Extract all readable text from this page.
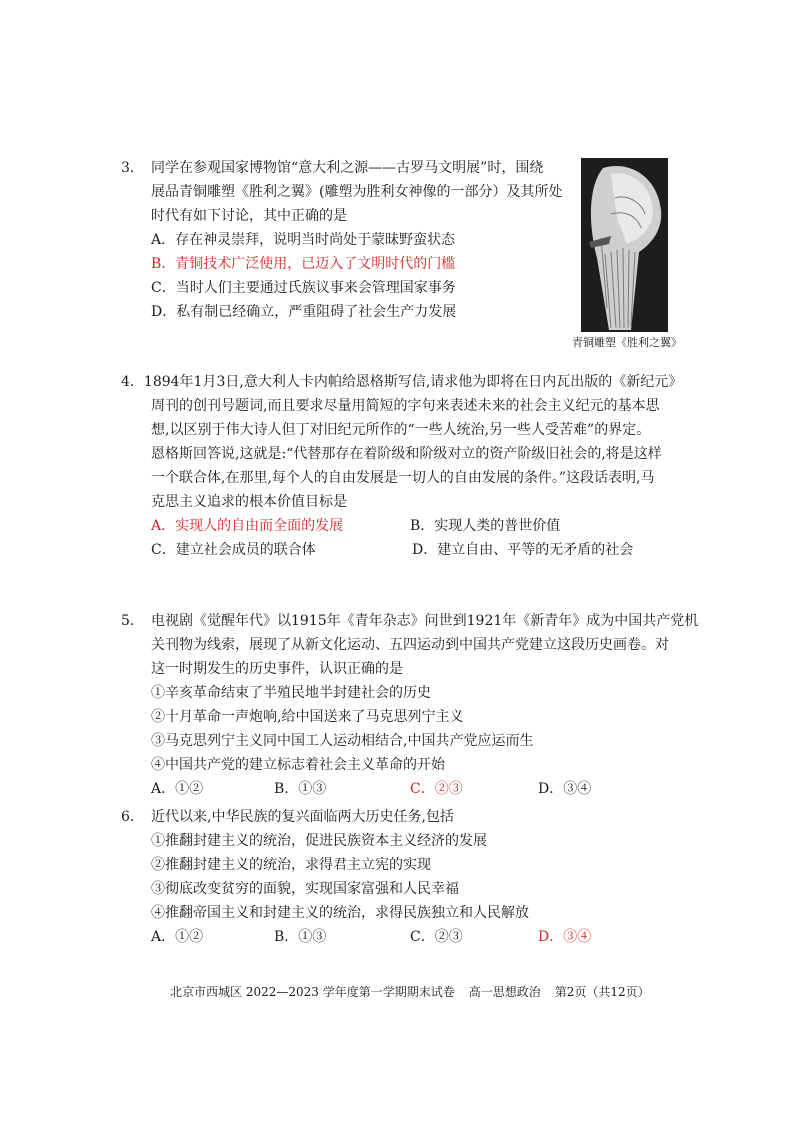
3． 同学在参观国家博物馆“意大利之源——古罗马文明展”时，围绕
展品青铜雕塑《胜利之翼》(雕塑为胜利女神像的一部分）及其所处
时代有如下讨论，其中正确的是
A．存在神灵崇拜，说明当时尚处于蒙昧野蛮状态
B．青铜技术广泛使用，已迈入了文明时代的门槛
C．当时人们主要通过氏族议事来会管理国家事务
D．私有制已经确立，严重阻碍了社会生产力发展
青铜雕塑《胜利之翼》
4．1894年1月3日,意大利人卡内帕给恩格斯写信,请求他为即将在日内瓦出版的《新纪元》
周刊的创刊号题词,而且要求尽量用简短的字句来表述未来的社会主义纪元的基本思
想,以区别于伟大诗人但丁对旧纪元所作的“一些人统治,另一些人受苦难”的界定。
恩格斯回答说,这就是:“代替那存在着阶级和阶级对立的资产阶级旧社会的,将是这样
一个联合体,在那里,每个人的自由发展是一切人的自由发展的条件。”这段话表明,马
克思主义追求的根本价值目标是
A．实现人的自由而全面的发展	B．实现人类的普世价值
C．建立社会成员的联合体	D．建立自由、平等的无矛盾的社会
5． 电视剧《觉醒年代》以1915年《青年杂志》问世到1921年《新青年》成为中国共产党机
关刊物为线索，展现了从新文化运动、五四运动到中国共产党建立这段历史画卷。对
这一时期发生的历史事件，认识正确的是
①辛亥革命结束了半殖民地半封建社会的历史
②十月革命一声炮响,给中国送来了马克思列宁主义
③马克思列宁主义同中国工人运动相结合,中国共产党应运而生
④中国共产党的建立标志着社会主义革命的开始
A．①②	B．①③	C．②③	D．③④
6． 近代以来,中华民族的复兴面临两大历史任务,包括
①推翻封建主义的统治，促进民族资本主义经济的发展
②推翻封建主义的统治，求得君主立宪的实现
③彻底改变贫穷的面貌，实现国家富强和人民幸福
④推翻帝国主义和封建主义的统治，求得民族独立和人民解放
A．①②	B．①③	C．②③	D．③④
北京市西城区 2022—2023 学年度第一学期期末试卷 高一思想政治 第2页（共12页）
